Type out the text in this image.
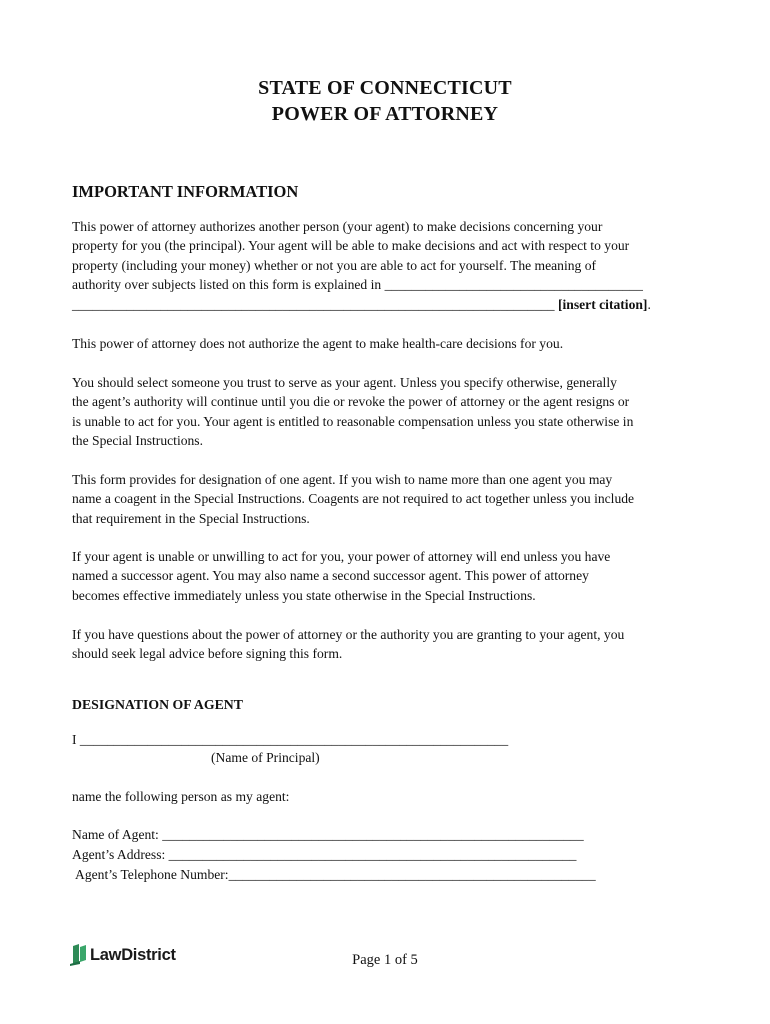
STATE OF CONNECTICUT
POWER OF ATTORNEY
IMPORTANT INFORMATION
This power of attorney authorizes another person (your agent) to make decisions concerning your
property for you (the principal). Your agent will be able to make decisions and act with respect to your
property (including your money) whether or not you are able to act for yourself. The meaning of
authority over subjects listed on this form is explained in ______________________________________
_______________________________________________________________________ [insert citation].
This power of attorney does not authorize the agent to make health-care decisions for you.
You should select someone you trust to serve as your agent. Unless you specify otherwise, generally
the agent’s authority will continue until you die or revoke the power of attorney or the agent resigns or
is unable to act for you. Your agent is entitled to reasonable compensation unless you state otherwise in
the Special Instructions.
This form provides for designation of one agent. If you wish to name more than one agent you may
name a coagent in the Special Instructions. Coagents are not required to act together unless you include
that requirement in the Special Instructions.
If your agent is unable or unwilling to act for you, your power of attorney will end unless you have
named a successor agent. You may also name a second successor agent. This power of attorney
becomes effective immediately unless you state otherwise in the Special Instructions.
If you have questions about the power of attorney or the authority you are granting to your agent, you
should seek legal advice before signing this form.
DESIGNATION OF AGENT
I _______________________________________________________________
(Name of Principal)
name the following person as my agent:
Name of Agent: ______________________________________________________________
Agent’s Address: ____________________________________________________________
Agent’s Telephone Number:______________________________________________________
LawDistrict	Page 1 of 5
